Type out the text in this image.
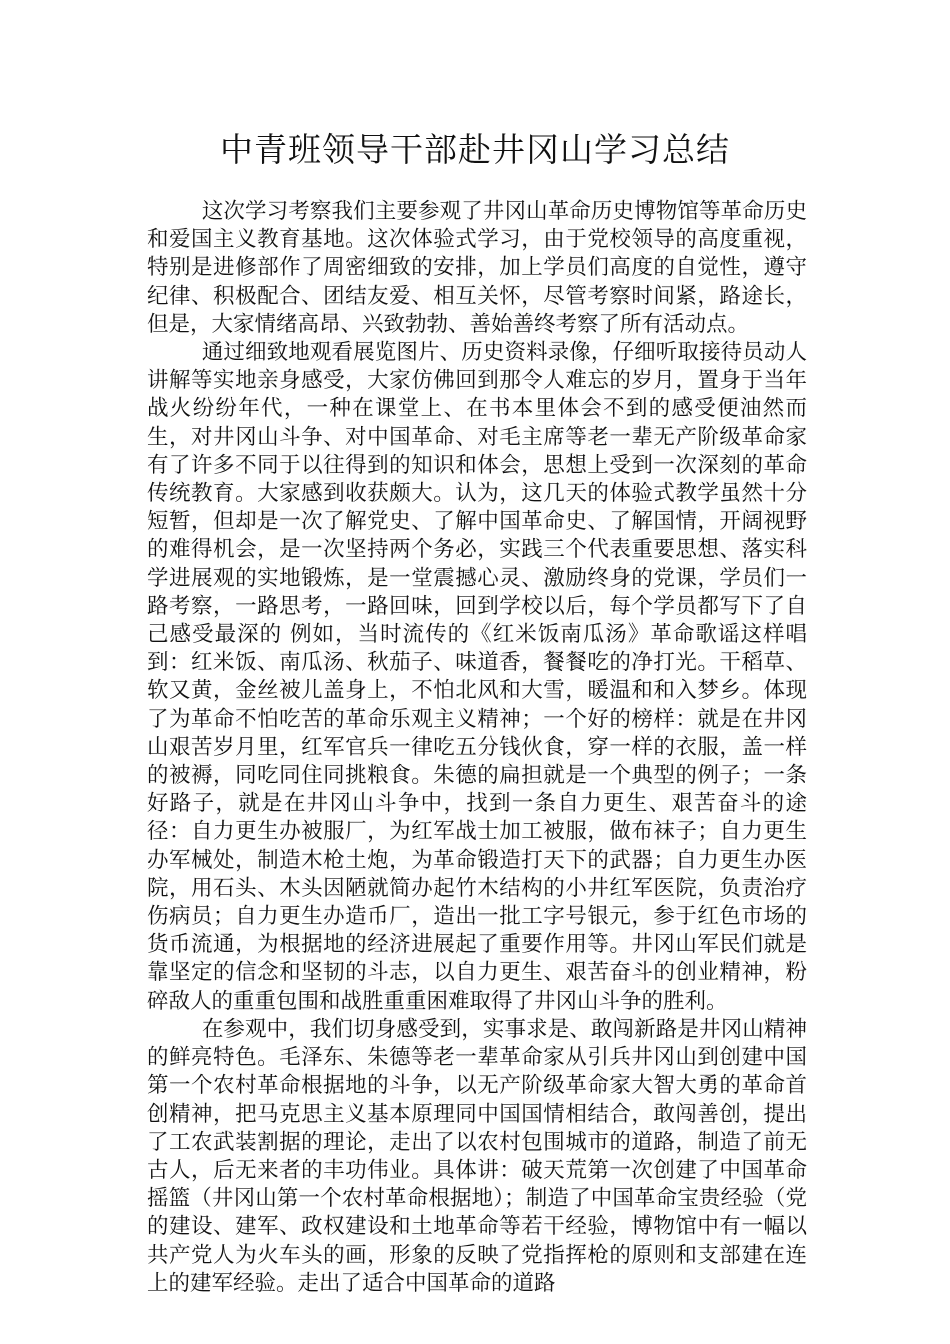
中青班领导干部赴井冈山学习总结

这次学习考察我们主要参观了井冈山革命历史博物馆等革命历史和爱国主义教育基地。这次体验式学习，由于党校领导的高度重视，特别是进修部作了周密细致的安排，加上学员们高度的自觉性，遵守纪律、积极配合、团结友爱、相互关怀，尽管考察时间紧，路途长，但是，大家情绪高昂、兴致勃勃、善始善终考察了所有活动点。

通过细致地观看展览图片、历史资料录像，仔细听取接待员动人讲解等实地亲身感受，大家仿佛回到那令人难忘的岁月，置身于当年战火纷纷年代，一种在课堂上、在书本里体会不到的感受便油然而生，对井冈山斗争、对中国革命、对毛主席等老一辈无产阶级革命家有了许多不同于以往得到的知识和体会，思想上受到一次深刻的革命传统教育。大家感到收获颇大。认为，这几天的体验式教学虽然十分短暂，但却是一次了解党史、了解中国革命史、了解国情，开阔视野的难得机会，是一次坚持两个务必，实践三个代表重要思想、落实科学进展观的实地锻炼，是一堂震撼心灵、激励终身的党课，学员们一路考察，一路思考，一路回味，回到学校以后，每个学员都写下了自己感受最深的 例如，当时流传的《红米饭南瓜汤》革命歌谣这样唱到：红米饭、南瓜汤、秋茄子、味道香，餐餐吃的净打光。干稻草、软又黄，金丝被儿盖身上，不怕北风和大雪，暖温和和入梦乡。体现了为革命不怕吃苦的革命乐观主义精神；一个好的榜样：就是在井冈山艰苦岁月里，红军官兵一律吃五分钱伙食，穿一样的衣服，盖一样的被褥，同吃同住同挑粮食。朱德的扁担就是一个典型的例子；一条好路子，就是在井冈山斗争中，找到一条自力更生、艰苦奋斗的途径：自力更生办被服厂，为红军战士加工被服，做布袜子；自力更生办军械处，制造木枪土炮，为革命锻造打天下的武器；自力更生办医院，用石头、木头因陋就简办起竹木结构的小井红军医院，负责治疗伤病员；自力更生办造币厂，造出一批工字号银元，参于红色市场的货币流通，为根据地的经济进展起了重要作用等。井冈山军民们就是靠坚定的信念和坚韧的斗志，以自力更生、艰苦奋斗的创业精神，粉碎敌人的重重包围和战胜重重困难取得了井冈山斗争的胜利。

在参观中，我们切身感受到，实事求是、敢闯新路是井冈山精神的鲜亮特色。毛泽东、朱德等老一辈革命家从引兵井冈山到创建中国第一个农村革命根据地的斗争，以无产阶级革命家大智大勇的革命首创精神，把马克思主义基本原理同中国国情相结合，敢闯善创，提出了工农武装割据的理论，走出了以农村包围城市的道路，制造了前无古人，后无来者的丰功伟业。具体讲：破天荒第一次创建了中国革命摇篮（井冈山第一个农村革命根据地）；制造了中国革命宝贵经验（党的建设、建军、政权建设和土地革命等若干经验，博物馆中有一幅以共产党人为火车头的画，形象的反映了党指挥枪的原则和支部建在连上的建军经验。走出了适合中国革命的道路
